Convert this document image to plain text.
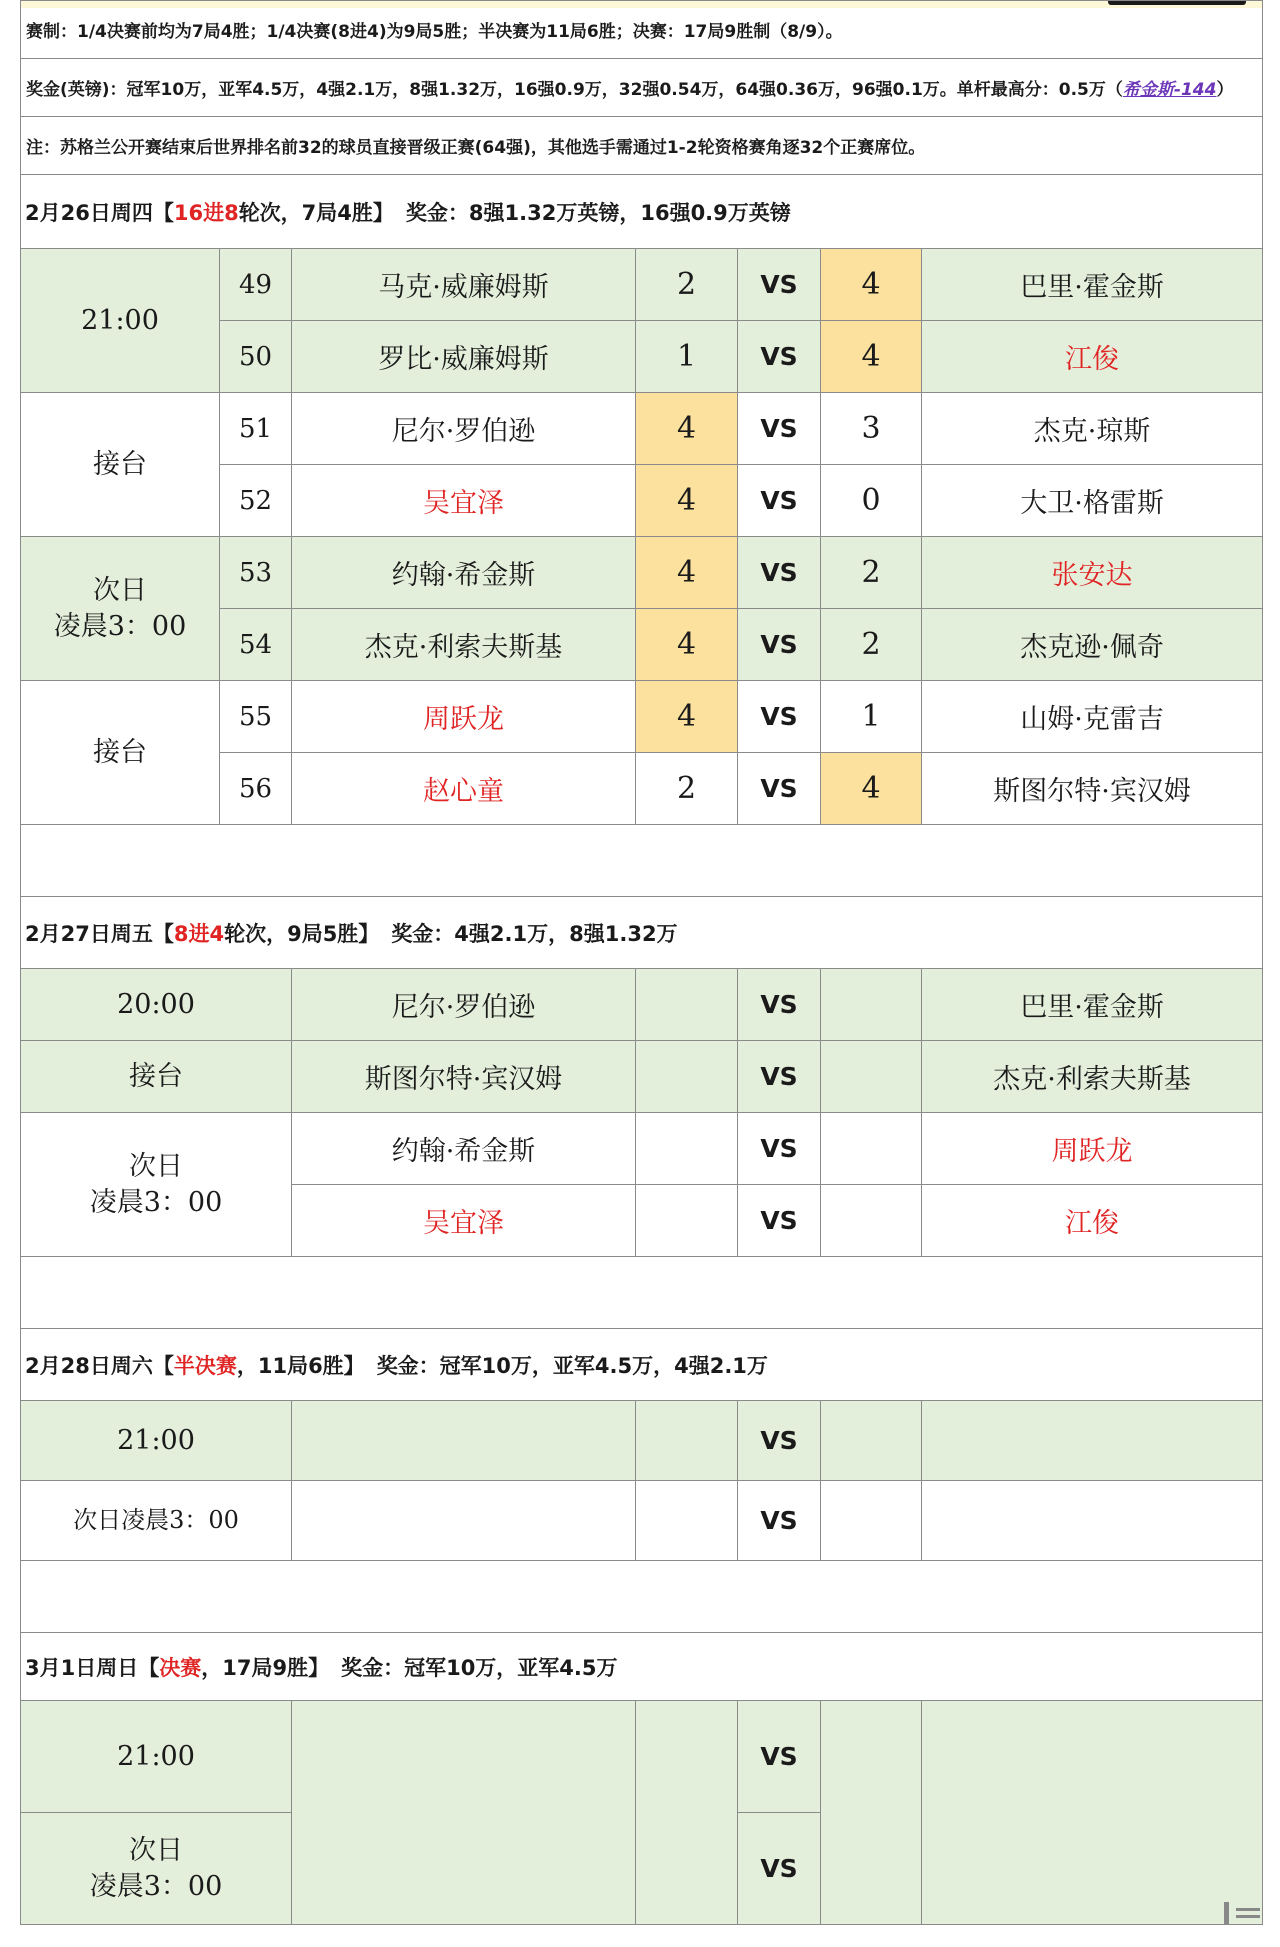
赛制：1/4决赛前均为7局4胜；1/4决赛(8进4)为9局5胜；半决赛为11局6胜；决赛：17局9胜制（8/9）。						
奖金(英镑)：冠军10万，亚军4.5万，4强2.1万，8强1.32万，16强0.9万，32强0.54万，64强0.36万，96强0.1万。单杆最高分：0.5万（希金斯-144）						
注：苏格兰公开赛结束后世界排名前32的球员直接晋级正赛(64强)，其他选手需通过1-2轮资格赛角逐32个正赛席位。						
2月26日周四【16进8轮次，7局4胜】 奖金：8强1.32万英镑，16强0.9万英镑						
21:00	49	马克·威廉姆斯	2	VS	4	巴里·霍金斯
	50	罗比·威廉姆斯	1	VS	4	江俊
接台	51	尼尔·罗伯逊	4	VS	3	杰克·琼斯
	52	吴宜泽	4	VS	0	大卫·格雷斯

次日
凌晨3：00	53	约翰·希金斯	4	VS	2	张安达
	54	杰克·利索夫斯基	4	VS	2	杰克逊·佩奇
接台	55	周跃龙	4	VS	1	山姆·克雷吉
	56	赵心童	2	VS	4	斯图尔特·宾汉姆

2月27日周五【8进4轮次，9局5胜】 奖金：4强2.1万，8强1.32万						
20:00		尼尔·罗伯逊		VS		巴里·霍金斯
接台		斯图尔特·宾汉姆		VS		杰克·利索夫斯基

次日
凌晨3：00		约翰·希金斯		VS		周跃龙
		吴宜泽		VS		江俊

2月28日周六【半决赛，11局6胜】 奖金：冠军10万，亚军4.5万，4强2.1万						
21:00				VS		
次日凌晨3：00				VS		

3月1日周日【决赛，17局9胜】 奖金：冠军10万，亚军4.5万						
21:00				VS		

次日
凌晨3：00				VS		
